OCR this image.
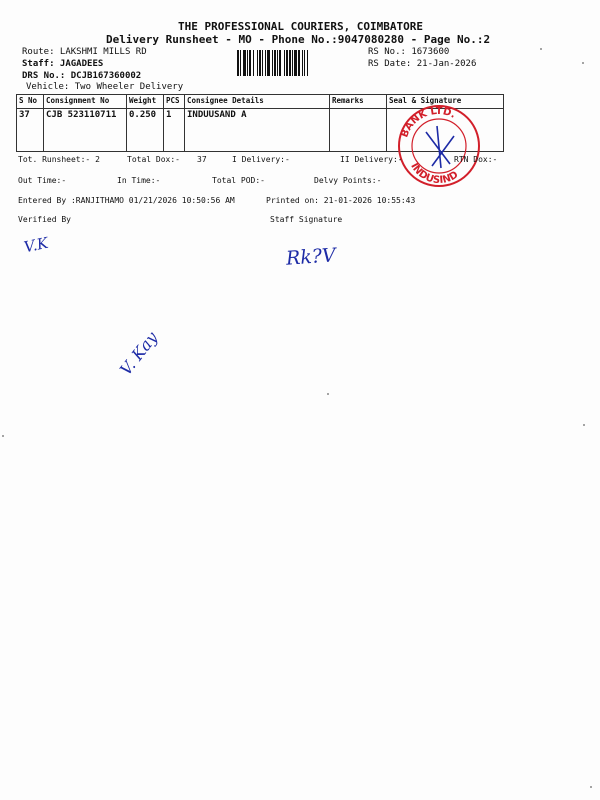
THE PROFESSIONAL COURIERS, COIMBATORE
Delivery Runsheet - MO - Phone No.:9047080280 - Page No.:2
Route: LAKSHMI MILLS RD
Staff: JAGADEES
DRS No.: DCJB167360002
Vehicle: Two Wheeler Delivery
RS No.: 1673600
RS Date: 21-Jan-2026
S No	Consignment No	Weight	PCS	Consignee Details	Remarks	Seal & Signature
37	CJB 523110711	0.250	1	INDUUSAND A		
BANK LTD.
INDUSIND
Tot. Runsheet:- 2	Total Dox:- 37	I Delivery:-	II Delivery:-	RTN Dox:-
Out Time:-	In Time:-	Total POD:-	Delvy Points:-
Entered By :RANJITHAMO 01/21/2026 10:50:56 AM	Printed on: 21-01-2026 10:55:43
Verified By	Staff Signature
V.K	Rk?V
V. Kay
